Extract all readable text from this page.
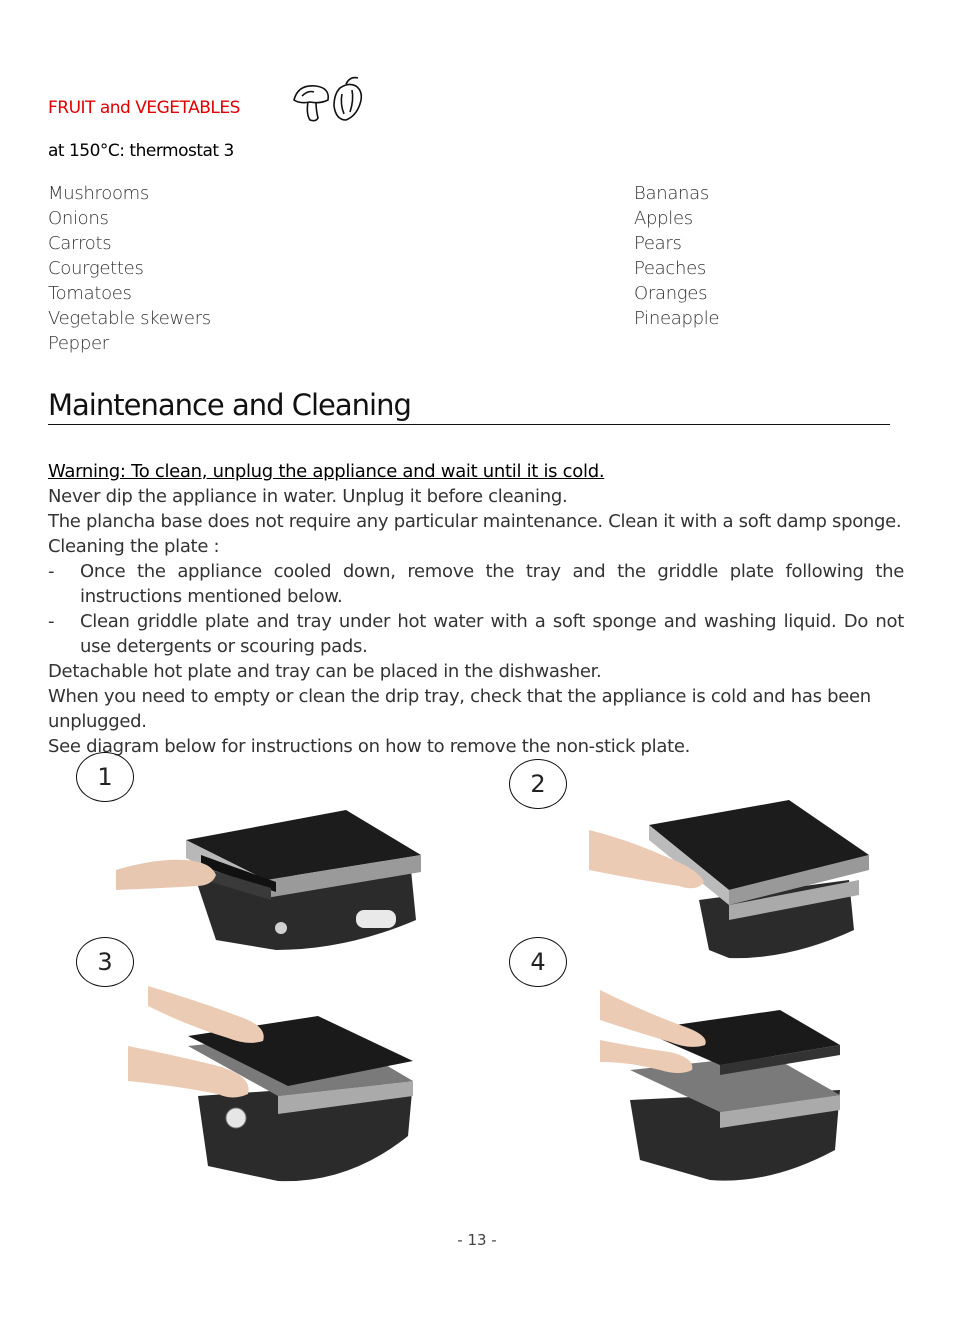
FRUIT and VEGETABLES
at 150°C: thermostat 3
Mushrooms
Onions
Carrots
Courgettes
Tomatoes
Vegetable skewers
Pepper
Bananas
Apples
Pears
Peaches
Oranges
Pineapple
Maintenance and Cleaning

Warning: To clean, unplug the appliance and wait until it is cold.

Never dip the appliance in water. Unplug it before cleaning.

The plancha base does not require any particular maintenance. Clean it with a soft damp sponge.

Cleaning the plate :

-	Once the appliance cooled down, remove the tray and the griddle plate following the instructions mentioned below.
-	Clean griddle plate and tray under hot water with a soft sponge and washing liquid. Do not use detergents or scouring pads.

Detachable hot plate and tray can be placed in the dishwasher.

When you need to empty or clean the drip tray, check that the appliance is cold and has been unplugged.

See diagram below for instructions on how to remove the non-stick plate.

1	2
3	4
- 13 -
